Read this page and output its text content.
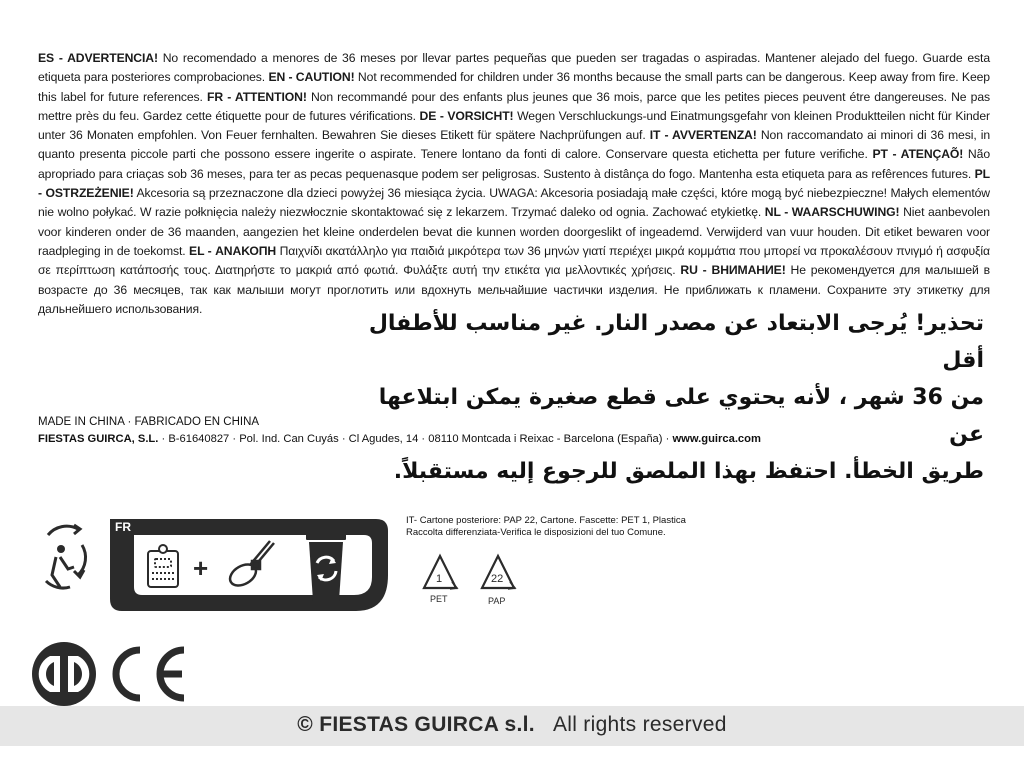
ES - ADVERTENCIA! No recomendado a menores de 36 meses por llevar partes pequeñas que pueden ser tragadas o aspiradas. Mantener alejado del fuego. Guarde esta etiqueta para posteriores comprobaciones. EN - CAUTION! Not recommended for children under 36 months because the small parts can be dangerous. Keep away from fire. Keep this label for future references. FR - ATTENTION! Non recommandé pour des enfants plus jeunes que 36 mois, parce que les petites pieces peuvent étre dangereuses. Ne pas mettre près du feu. Gardez cette étiquette pour de futures vérifications. DE - VORSICHT! Wegen Verschluckungs-und Einatmungsgefahr von kleinen Produktteilen nicht für Kinder unter 36 Monaten empfohlen. Von Feuer fernhalten. Bewahren Sie dieses Etikett für spätere Nachprüfungen auf. IT - AVVERTENZA! Non raccomandato ai minori di 36 mesi, in quanto presenta piccole parti che possono essere ingerite o aspirate. Tenere lontano da fonti di calore. Conservare questa etichetta per future verifiche. PT - ATENÇAÕ! Não apropriado para criaças sob 36 meses, para ter as pecas pequenasque podem ser peligrosas. Sustento à distânça do fogo. Mantenha esta etiqueta para as refêrences futures. PL - OSTRZEŻENIE! Akcesoria są przeznaczone dla dzieci powyżej 36 miesiąca życia. UWAGA: Akcesoria posiadają małe części, które mogą być niebezpieczne! Małych elementów nie wolno połykać. W razie połknięcia należy niezwłocznie skontaktować się z lekarzem. Trzymać daleko od ognia. Zachować etykietkę. NL - WAARSCHUWING! Niet aanbevolen voor kinderen onder de 36 maanden, aangezien het kleine onderdelen bevat die kunnen worden doorgeslikt of ingeademd. Verwijderd van vuur houden. Dit etiket bewaren voor raadpleging in de toekomst. EL - ΑΝΑΚΟΠΗ Παιχνίδι ακατάλληλο για παιδιά μικρότερα των 36 μηνών γιατί περιέχει μικρά κομμάτια που μπορεί να προκαλέσουν πνιγμό ή ασφυξία σε περίπτωση κατάποσής τους. Διατηρήστε το μακριά από φωτιά. Φυλάξτε αυτή την ετικέτα για μελλοντικές χρήσεις. RU - ВНИМАНИЕ! Не рекомендуется для малышей в возрасте до 36 месяцев, так как малыши могут проглотить или вдохнуть мельчайшие частички изделия. Не приближать к пламени. Сохраните эту этикетку для дальнейшего использования.
تحذير! يُرجى الابتعاد عن مصدر النار. غير مناسب للأطفال أقل
من 36 شهر ، لأنه يحتوي على قطع صغيرة يمكن ابتلاعها عن
طريق الخطأ. احتفظ بهذا الملصق للرجوع إليه مستقبلاً.
MADE IN CHINA · FABRICADO EN CHINA
FIESTAS GUIRCA, S.L. · B-61640827 · Pol. Ind. Can Cuyás · Cl Agudes, 14 · 08110 Montcada i Reixac - Barcelona (España) · www.guirca.com
FR
+
IT- Cartone posteriore: PAP 22, Cartone. Fascette: PET 1, Plastica Raccolta differenziata-Verifica le disposizioni del tuo Comune.
1
PET
22
PAP
© FIESTAS GUIRCA s.l. All rights reserved
